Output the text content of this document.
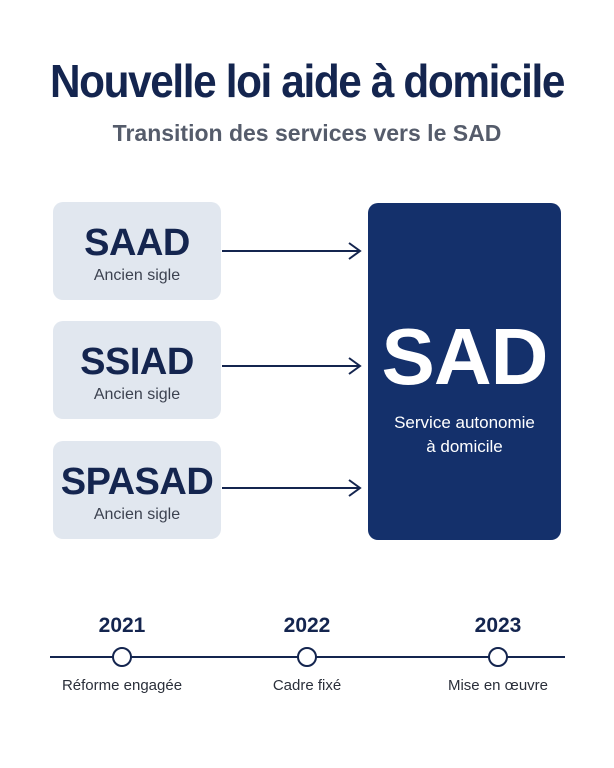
Nouvelle loi aide à domicile
Transition des services vers le SAD
SAAD
Ancien sigle
SSIAD
Ancien sigle
SPASAD
Ancien sigle
SAD
Service autonomie
à domicile
2021	2022	2023
Réforme engagée	Cadre fixé	Mise en œuvre
